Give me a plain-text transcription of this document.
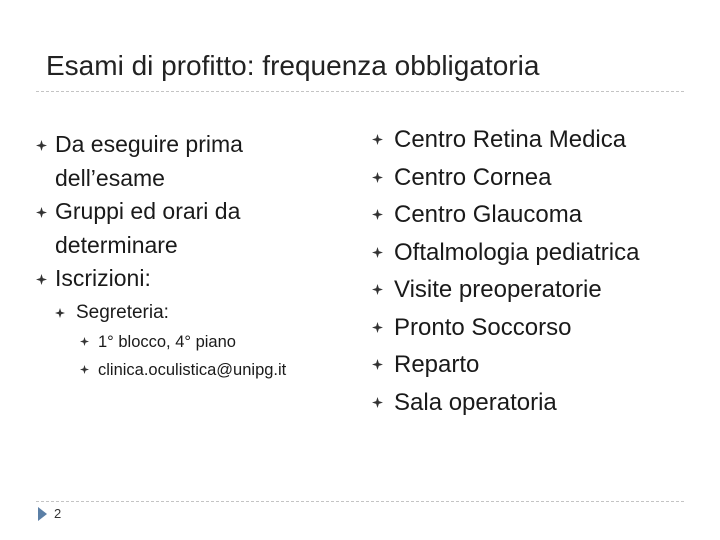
Esami di profitto: frequenza obbligatoria
Da eseguire prima dell’esame
Gruppi ed orari da determinare
Iscrizioni:
Segreteria:
1° blocco, 4° piano
clinica.oculistica@unipg.it
Centro Retina Medica
Centro Cornea
Centro Glaucoma
Oftalmologia pediatrica
Visite preoperatorie
Pronto Soccorso
Reparto
Sala operatoria
2
